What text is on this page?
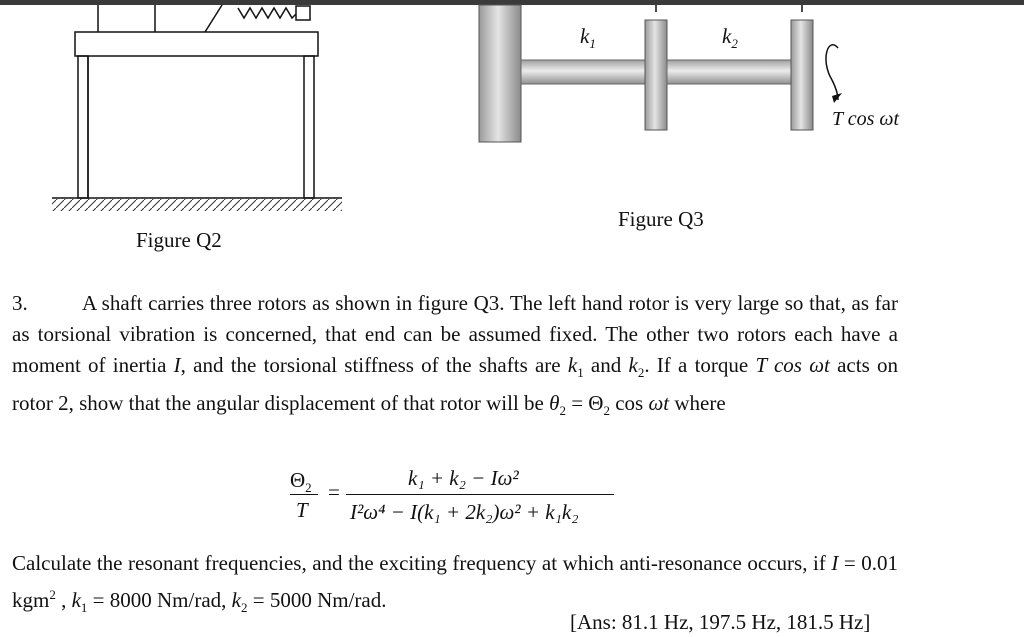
$k_1$	$k_2$
T cos ωt
Figure Q2
Figure Q3
3.	A shaft carries three rotors as shown in figure Q3. The left hand rotor is very large so that, as far as torsional vibration is concerned, that end can be assumed fixed. The other two rotors each have a moment of inertia I, and the torsional stiffness of the shafts are $k_1$ and $k_2$. If a torque T cos ωt acts on rotor 2, show that the angular displacement of that rotor will be $\theta_2 = \Theta_2$ cos ωt where
$\Theta_2$
T
=
k₁ + k₂ − Iω²
I²ω⁴ − I(k₁ + 2k₂)ω² + k₁k₂
Calculate the resonant frequencies, and the exciting frequency at which anti-resonance occurs, if I = 0.01 kgm$^2$ , $k_1 = 8000$ Nm/rad, $k_2 = 5000$ Nm/rad.
[Ans: 81.1 Hz, 197.5 Hz, 181.5 Hz]
